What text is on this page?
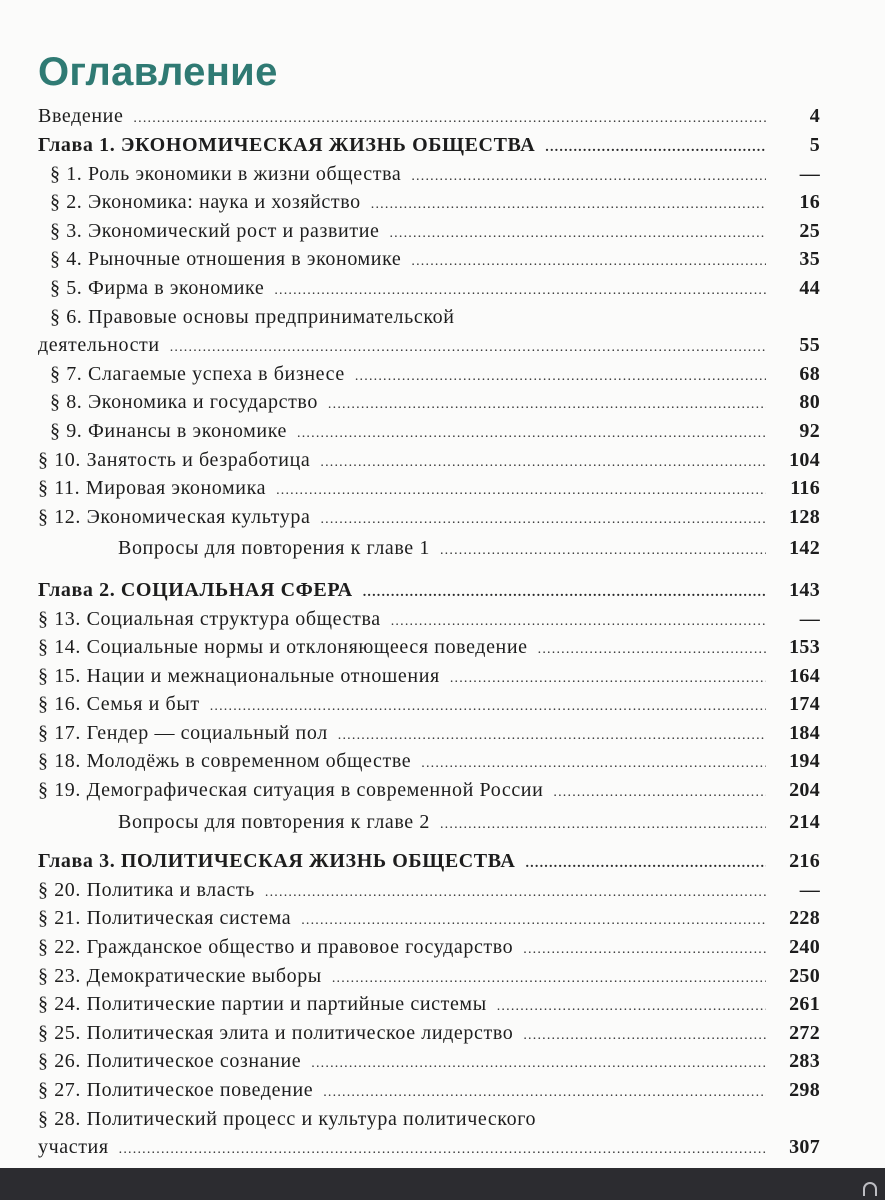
Оглавление
Введение .....	4
Глава 1. ЭКОНОМИЧЕСКАЯ ЖИЗНЬ ОБЩЕСТВА .....	5
§ 1. Роль экономики в жизни общества .....	—
§ 2. Экономика: наука и хозяйство .....	16
§ 3. Экономический рост и развитие .....	25
§ 4. Рыночные отношения в экономике .....	35
§ 5. Фирма в экономике .....	44
§ 6. Правовые основы предпринимательской
деятельности .....	55
§ 7. Слагаемые успеха в бизнесе .....	68
§ 8. Экономика и государство .....	80
§ 9. Финансы в экономике .....	92
§ 10. Занятость и безработица .....	104
§ 11. Мировая экономика .....	116
§ 12. Экономическая культура .....	128
Вопросы для повторения к главе 1 .....	142
Глава 2. СОЦИАЛЬНАЯ СФЕРА .....	143
§ 13. Социальная структура общества .....	—
§ 14. Социальные нормы и отклоняющееся поведение .....	153
§ 15. Нации и межнациональные отношения .....	164
§ 16. Семья и быт .....	174
§ 17. Гендер — социальный пол .....	184
§ 18. Молодёжь в современном обществе .....	194
§ 19. Демографическая ситуация в современной России .....	204
Вопросы для повторения к главе 2 .....	214
Глава 3. ПОЛИТИЧЕСКАЯ ЖИЗНЬ ОБЩЕСТВА .....	216
§ 20. Политика и власть .....	—
§ 21. Политическая система .....	228
§ 22. Гражданское общество и правовое государство .....	240
§ 23. Демократические выборы .....	250
§ 24. Политические партии и партийные системы .....	261
§ 25. Политическая элита и политическое лидерство .....	272
§ 26. Политическое сознание .....	283
§ 27. Политическое поведение .....	298
§ 28. Политический процесс и культура политического
участия .....	307
